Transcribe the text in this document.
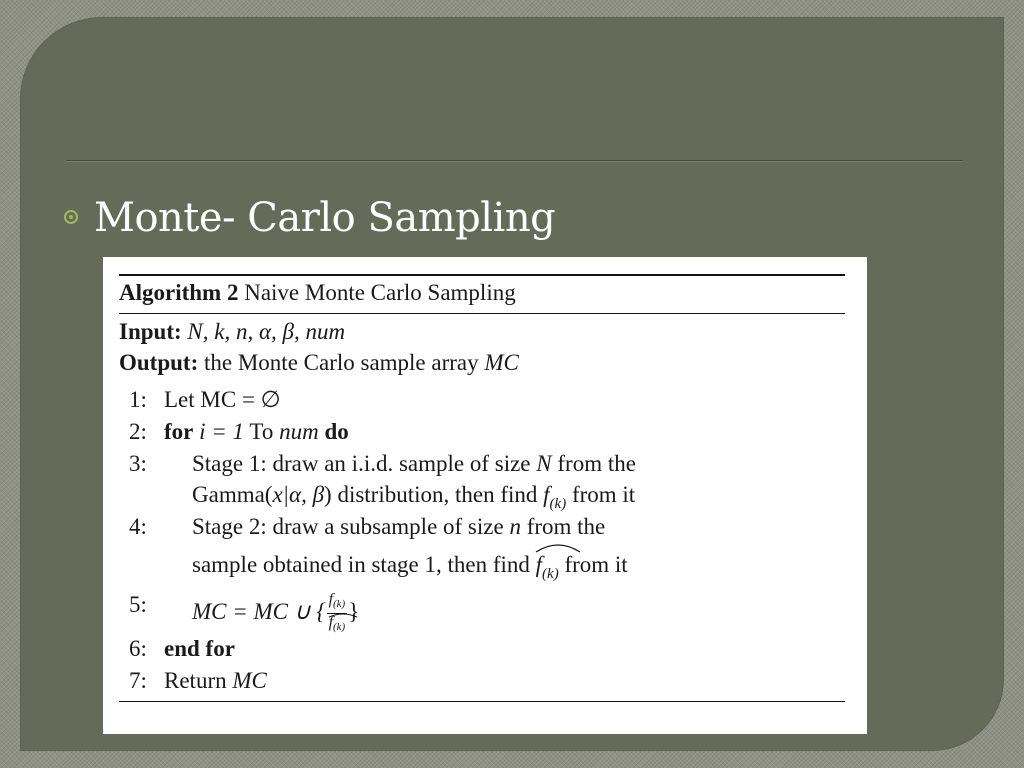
Monte- Carlo Sampling
Algorithm 2 Naive Monte Carlo Sampling
Input: N, k, n, α, β, num
Output: the Monte Carlo sample array MC
1: Let MC = ∅
2: for i = 1 To num do
3: Stage 1: draw an i.i.d. sample of size N from the
Gamma(x|α, β) distribution, then find $f_{(k)}$ from it
4: Stage 2: draw a subsample of size n from the
sample obtained in stage 1, then find $f_{(k)}$ from it
5: MC = MC ∪ { $\frac{f(k)}{f(k)}$ }
6: end for
7: Return MC
